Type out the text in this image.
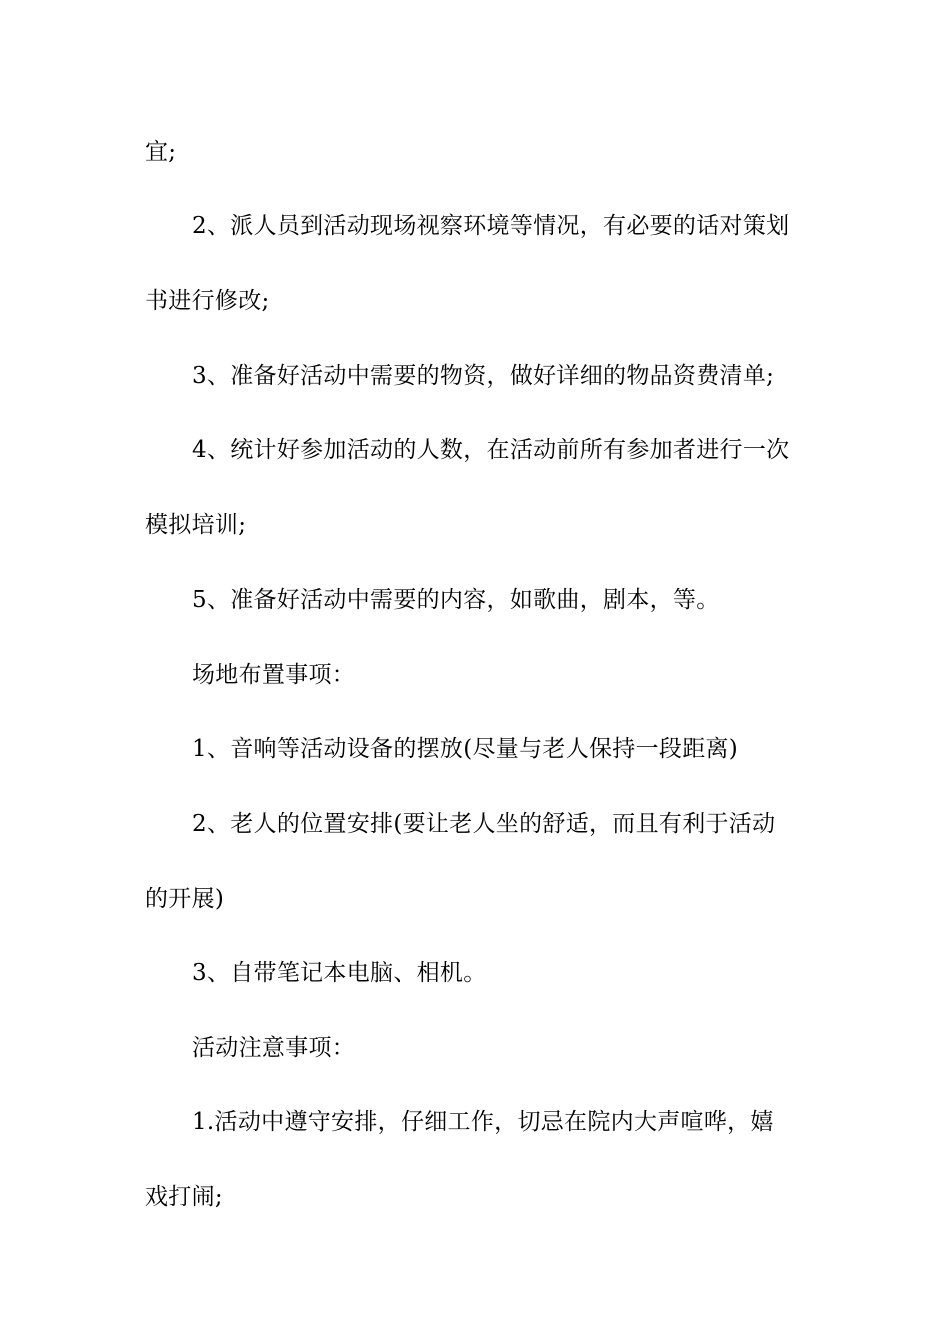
宜;
2、派人员到活动现场视察环境等情况，有必要的话对策划
书进行修改;
3、准备好活动中需要的物资，做好详细的物品资费清单;
4、统计好参加活动的人数，在活动前所有参加者进行一次
模拟培训;
5、准备好活动中需要的内容，如歌曲，剧本，等。
场地布置事项：
1、音响等活动设备的摆放(尽量与老人保持一段距离)
2、老人的位置安排(要让老人坐的舒适，而且有利于活动
的开展)
3、自带笔记本电脑、相机。
活动注意事项：
1.活动中遵守安排，仔细工作，切忌在院内大声喧哗，嬉
戏打闹;
